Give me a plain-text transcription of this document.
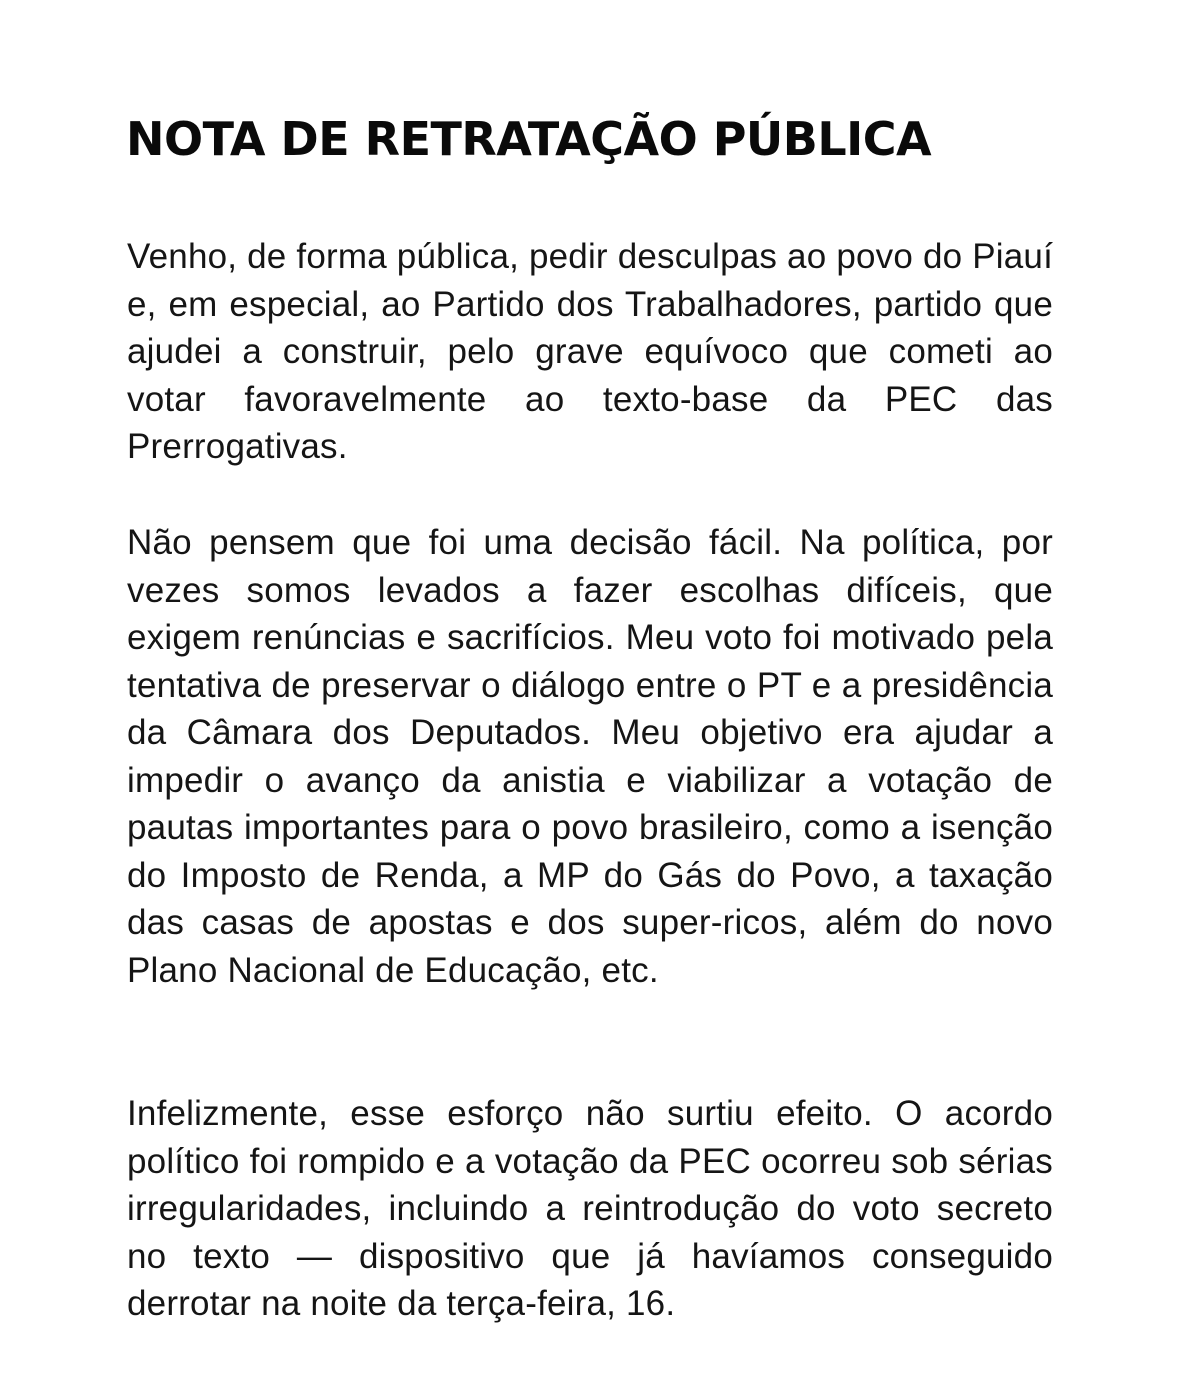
NOTA DE RETRATAÇÃO PÚBLICA

Venho, de forma pública, pedir desculpas ao povo do Piauí e, em especial, ao Partido dos Trabalhadores, partido que ajudei a construir, pelo grave equívoco que cometi ao votar favoravelmente ao texto-base da PEC das Prerrogativas.

Não pensem que foi uma decisão fácil. Na política, por vezes somos levados a fazer escolhas difíceis, que exigem renúncias e sacrifícios. Meu voto foi motivado pela tentativa de preservar o diálogo entre o PT e a presidência da Câmara dos Deputados. Meu objetivo era ajudar a impedir o avanço da anistia e viabilizar a votação de pautas importantes para o povo brasileiro, como a isenção do Imposto de Renda, a MP do Gás do Povo, a taxação das casas de apostas e dos super-ricos, além do novo Plano Nacional de Educação, etc.

Infelizmente, esse esforço não surtiu efeito. O acordo político foi rompido e a votação da PEC ocorreu sob sérias irregularidades, incluindo a reintrodução do voto secreto no texto — dispositivo que já havíamos conseguido derrotar na noite da terça-feira, 16.
